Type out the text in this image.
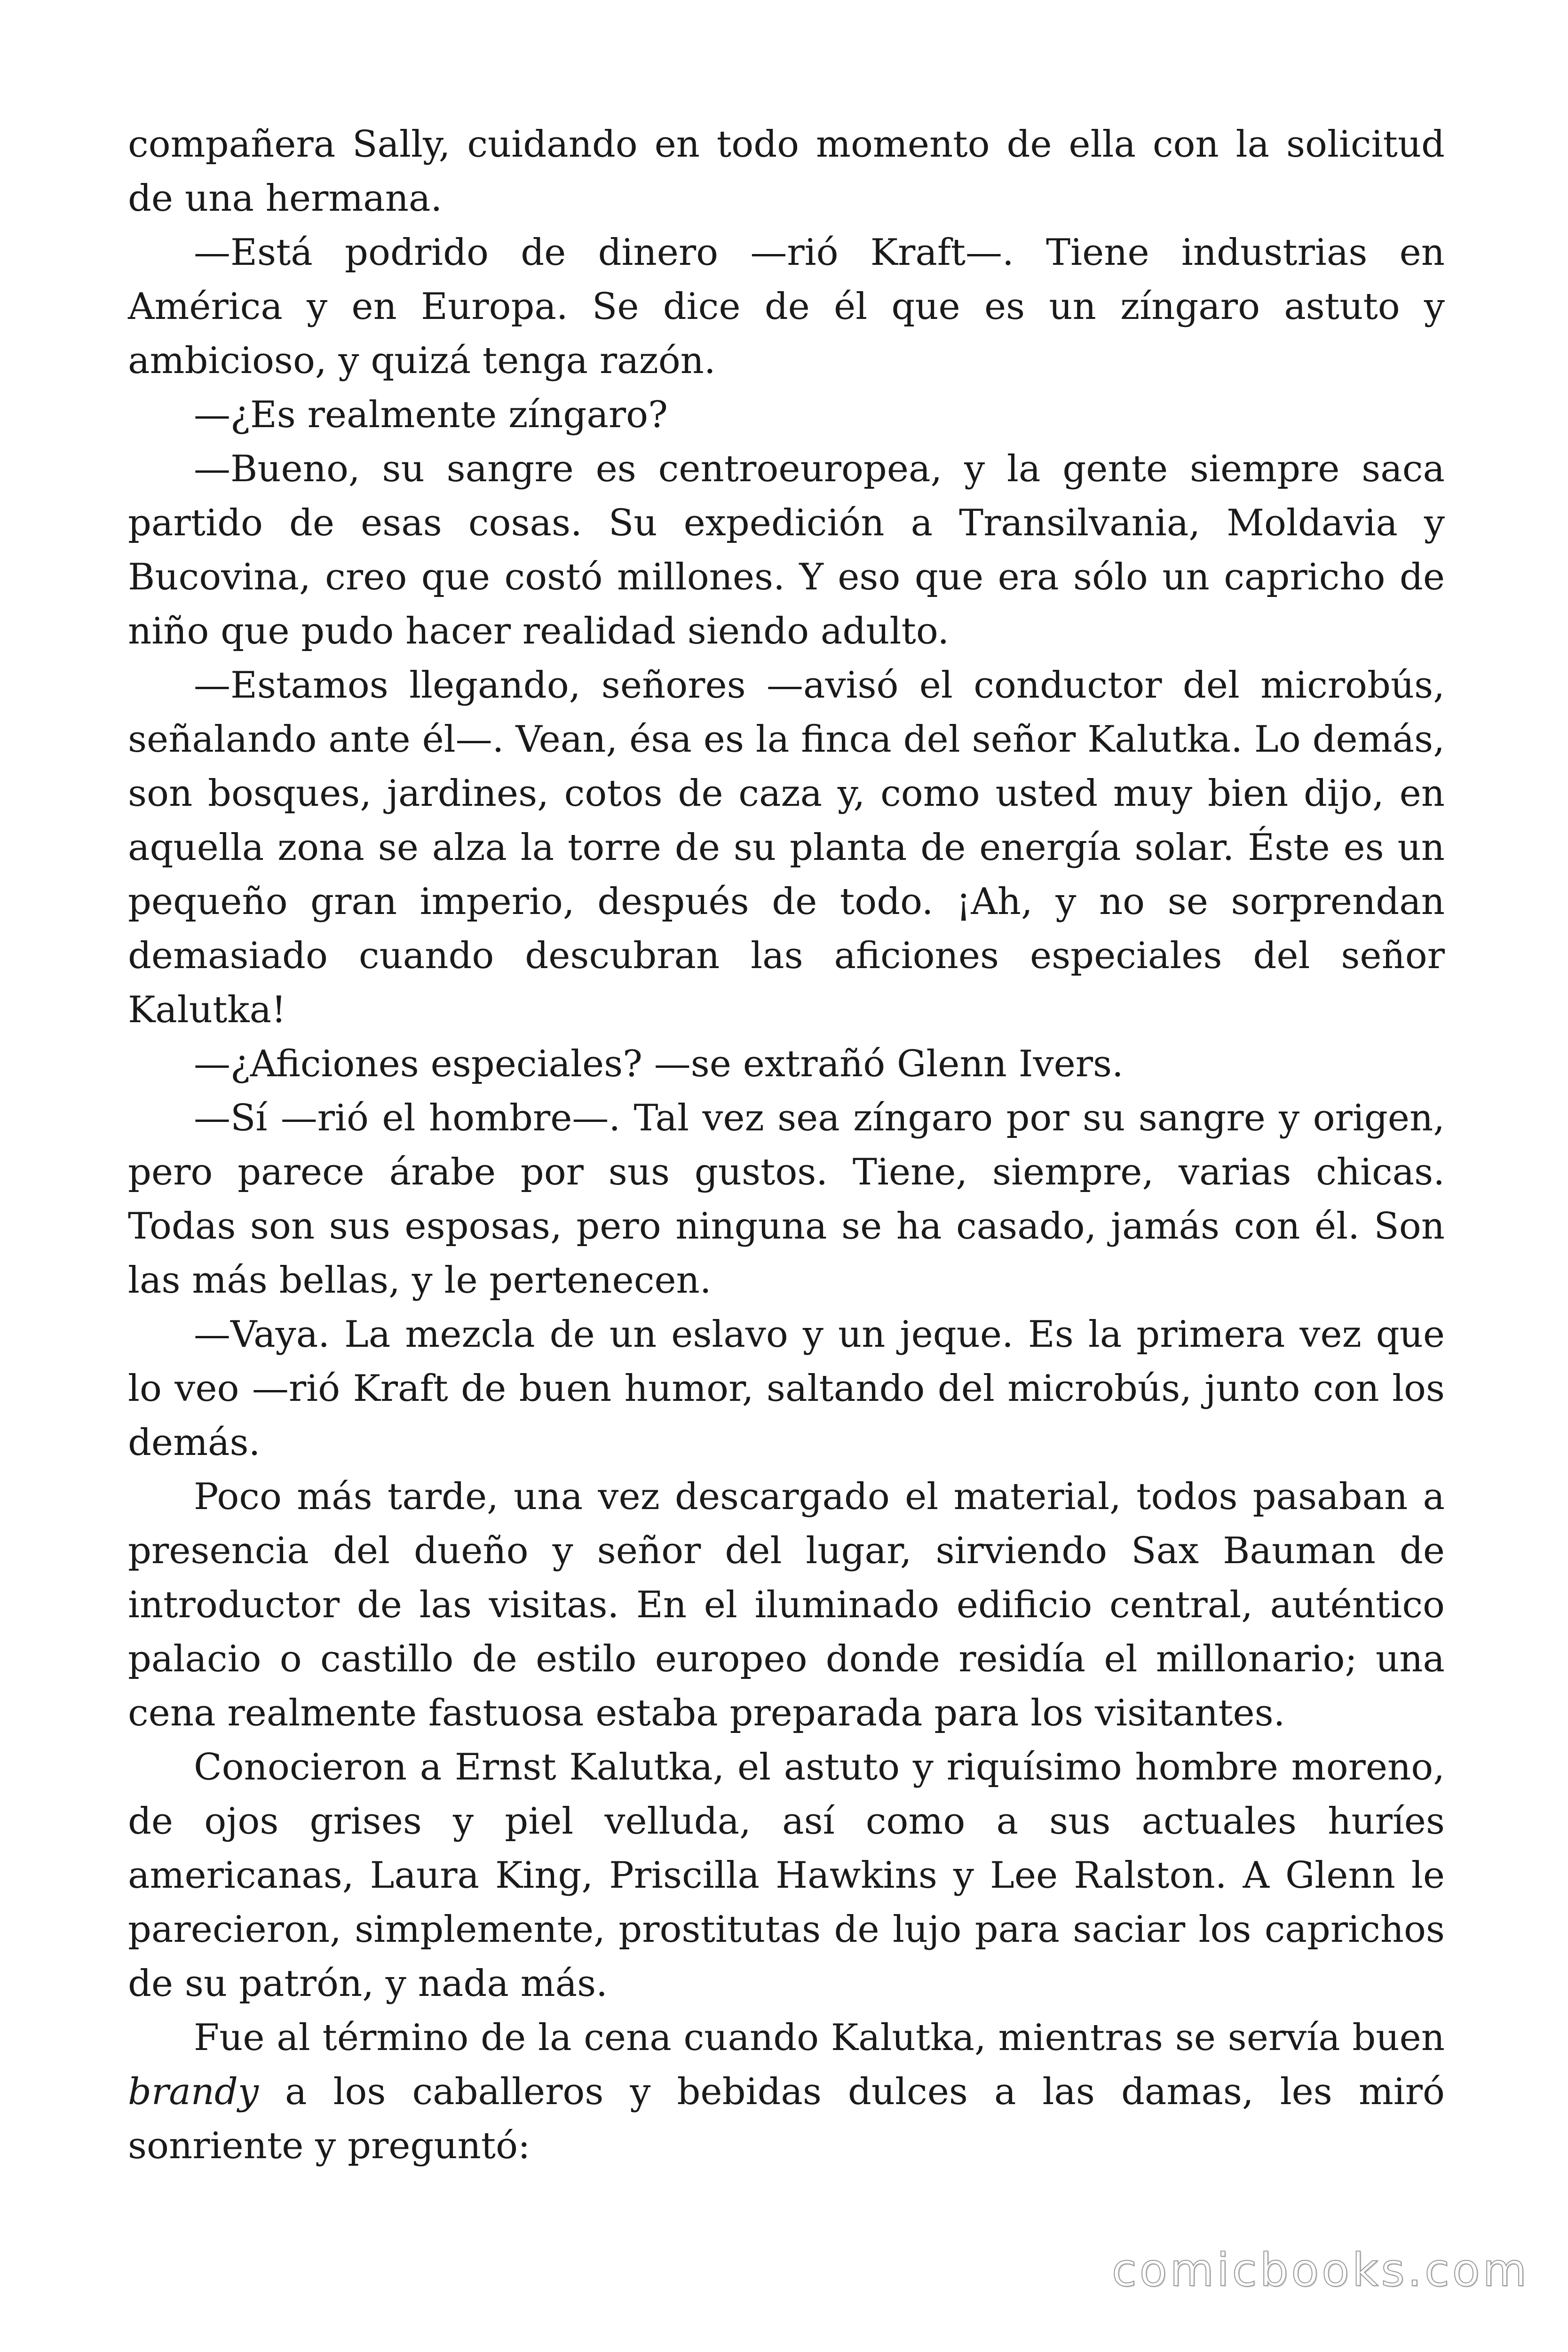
compañera Sally, cuidando en todo momento de ella con la solicitud de una hermana.

—Está podrido de dinero —rió Kraft—. Tiene industrias en América y en Europa. Se dice de él que es un zíngaro astuto y ambicioso, y quizá tenga razón.

—¿Es realmente zíngaro?

—Bueno, su sangre es centroeuropea, y la gente siempre saca partido de esas cosas. Su expedición a Transilvania, Moldavia y Bucovina, creo que costó millones. Y eso que era sólo un capricho de niño que pudo hacer realidad siendo adulto.

—Estamos llegando, señores —avisó el conductor del microbús, señalando ante él—. Vean, ésa es la finca del señor Kalutka. Lo demás, son bosques, jardines, cotos de caza y, como usted muy bien dijo, en aquella zona se alza la torre de su planta de energía solar. Éste es un pequeño gran imperio, después de todo. ¡Ah, y no se sorprendan demasiado cuando descubran las aficiones especiales del señor Kalutka!

—¿Aficiones especiales? —se extrañó Glenn Ivers.

—Sí —rió el hombre—. Tal vez sea zíngaro por su sangre y origen, pero parece árabe por sus gustos. Tiene, siempre, varias chicas. Todas son sus esposas, pero ninguna se ha casado, jamás con él. Son las más bellas, y le pertenecen.

—Vaya. La mezcla de un eslavo y un jeque. Es la primera vez que lo veo —rió Kraft de buen humor, saltando del microbús, junto con los demás.

Poco más tarde, una vez descargado el material, todos pasaban a presencia del dueño y señor del lugar, sirviendo Sax Bauman de introductor de las visitas. En el iluminado edificio central, auténtico palacio o castillo de estilo europeo donde residía el millonario; una cena realmente fastuosa estaba preparada para los visitantes.

Conocieron a Ernst Kalutka, el astuto y riquísimo hombre moreno, de ojos grises y piel velluda, así como a sus actuales huríes americanas, Laura King, Priscilla Hawkins y Lee Ralston. A Glenn le parecieron, simplemente, prostitutas de lujo para saciar los caprichos de su patrón, y nada más.

Fue al término de la cena cuando Kalutka, mientras se servía buen brandy a los caballeros y bebidas dulces a las damas, les miró sonriente y preguntó:

comicbooks.com
